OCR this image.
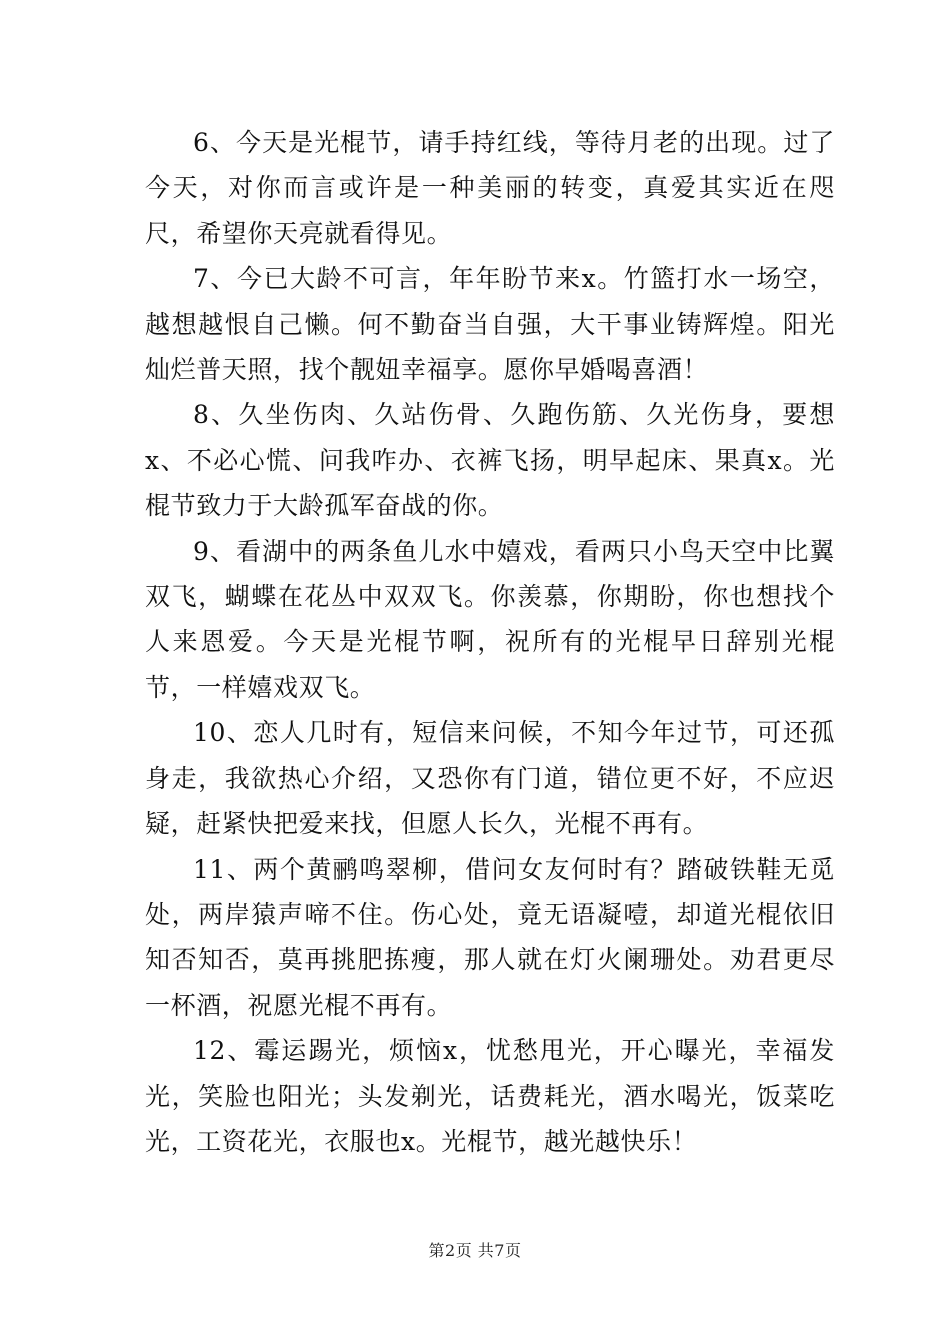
6、今天是光棍节，请手持红线，等待月老的出现。过了今天，对你而言或许是一种美丽的转变，真爱其实近在咫尺，希望你天亮就看得见。

7、今已大龄不可言，年年盼节来x。竹篮打水一场空，越想越恨自己懒。何不勤奋当自强，大干事业铸辉煌。阳光灿烂普天照，找个靓妞幸福享。愿你早婚喝喜酒！

8、久坐伤肉、久站伤骨、久跑伤筋、久光伤身，要想x、不必心慌、问我咋办、衣裤飞扬，明早起床、果真x。光棍节致力于大龄孤军奋战的你。

9、看湖中的两条鱼儿水中嬉戏，看两只小鸟天空中比翼双飞，蝴蝶在花丛中双双飞。你羡慕，你期盼，你也想找个人来恩爱。今天是光棍节啊，祝所有的光棍早日辞别光棍节，一样嬉戏双飞。

10、恋人几时有，短信来问候，不知今年过节，可还孤身走，我欲热心介绍，又恐你有门道，错位更不好，不应迟疑，赶紧快把爱来找，但愿人长久，光棍不再有。

11、两个黄鹂鸣翠柳，借问女友何时有？踏破铁鞋无觅处，两岸猿声啼不住。伤心处，竟无语凝噎，却道光棍依旧知否知否，莫再挑肥拣瘦，那人就在灯火阑珊处。劝君更尽一杯酒，祝愿光棍不再有。

12、霉运踢光，烦恼x，忧愁甩光，开心曝光，幸福发光，笑脸也阳光；头发剃光，话费耗光，酒水喝光，饭菜吃光，工资花光，衣服也x。光棍节，越光越快乐！

第2页 共7页
